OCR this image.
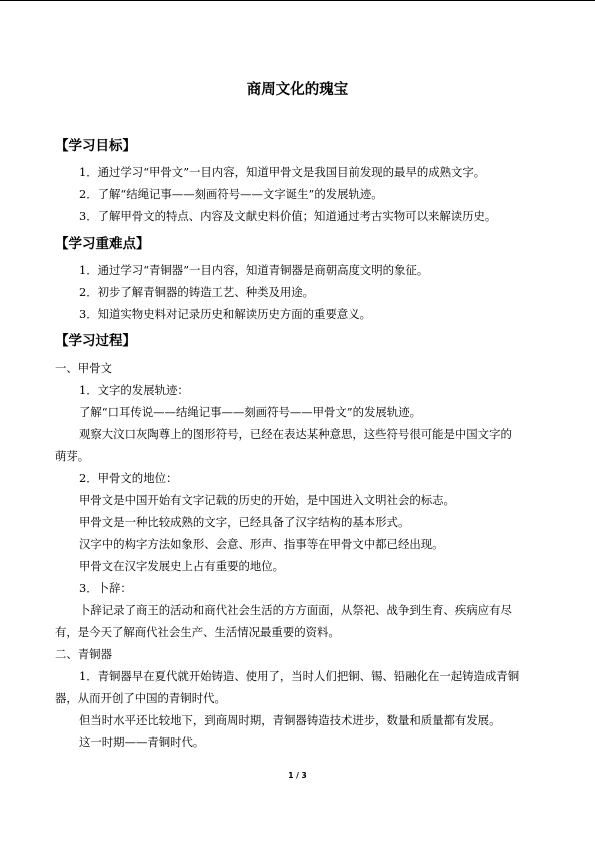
商周文化的瑰宝
【学习目标】
1．通过学习“甲骨文”一目内容，知道甲骨文是我国目前发现的最早的成熟文字。
2．了解“结绳记事——刻画符号——文字诞生”的发展轨迹。
3．了解甲骨文的特点、内容及文献史料价值；知道通过考古实物可以来解读历史。
【学习重难点】
1．通过学习“青铜器”一目内容，知道青铜器是商朝高度文明的象征。
2．初步了解青铜器的铸造工艺、种类及用途。
3．知道实物史料对记录历史和解读历史方面的重要意义。
【学习过程】
一、甲骨文
1．文字的发展轨迹：
了解“口耳传说——结绳记事——刻画符号——甲骨文”的发展轨迹。
观察大汶口灰陶尊上的图形符号，已经在表达某种意思，这些符号很可能是中国文字的
萌芽。
2．甲骨文的地位：
甲骨文是中国开始有文字记载的历史的开始，是中国进入文明社会的标志。
甲骨文是一种比较成熟的文字，已经具备了汉字结构的基本形式。
汉字中的构字方法如象形、会意、形声、指事等在甲骨文中都已经出现。
甲骨文在汉字发展史上占有重要的地位。
3．卜辞：
卜辞记录了商王的活动和商代社会生活的方方面面，从祭祀、战争到生育、疾病应有尽
有，是今天了解商代社会生产、生活情况最重要的资料。
二、青铜器
1．青铜器早在夏代就开始铸造、使用了，当时人们把铜、锡、铅融化在一起铸造成青铜
器，从而开创了中国的青铜时代。
但当时水平还比较地下，到商周时期，青铜器铸造技术进步，数量和质量都有发展。
这一时期——青铜时代。
1 / 3
